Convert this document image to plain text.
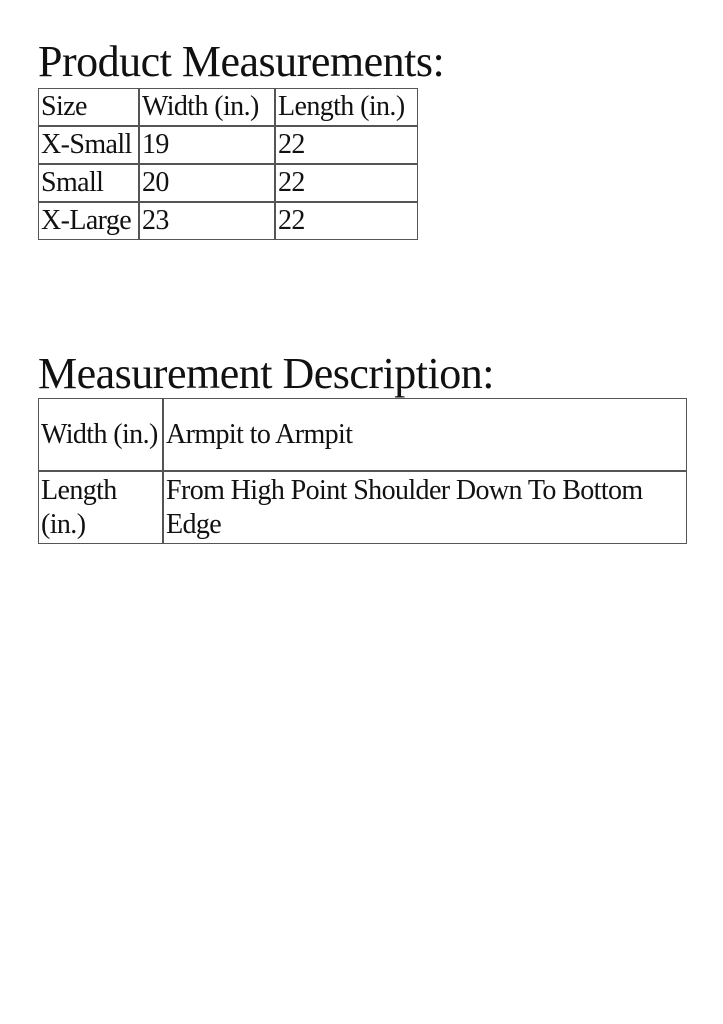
Product Measurements:
Size	Width (in.)	Length (in.)
X-Small	19	22
Small	20	22
X-Large	23	22
Measurement Description:
Width (in.)	Armpit to Armpit
Length (in.)	From High Point Shoulder Down To Bottom Edge
